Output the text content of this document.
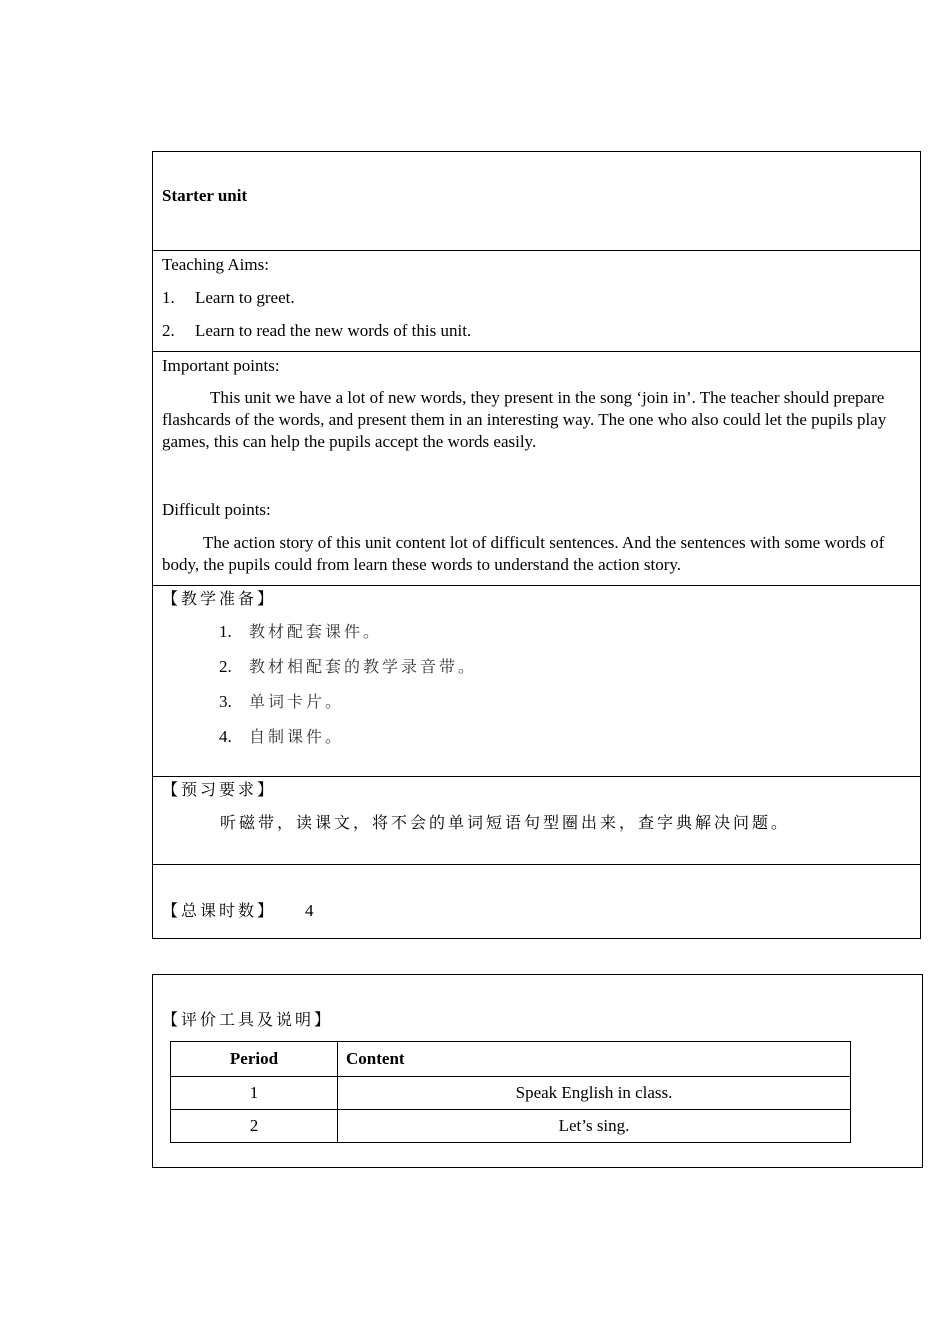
Starter unit
Teaching Aims:
1. Learn to greet.
2. Learn to read the new words of this unit.
Important points:
This unit we have a lot of new words, they present in the song ‘join in’. The teacher should prepare
flashcards of the words, and present them in an interesting way. The one who also could let the pupils play
games, this can help the pupils accept the words easily.
Difficult points:
The action story of this unit content lot of difficult sentences. And the sentences with some words of
body, the pupils could from learn these words to understand the action story.
【教学准备】
1. 教材配套课件。
2. 教材相配套的教学录音带。
3. 单词卡片。
4. 自制课件。
【预习要求】
听磁带，读课文，将不会的单词短语句型圈出来，查字典解决问题。
【总课时数】 4
【评价工具及说明】
Period	Content
1	Speak English in class.
2	Let’s sing.
